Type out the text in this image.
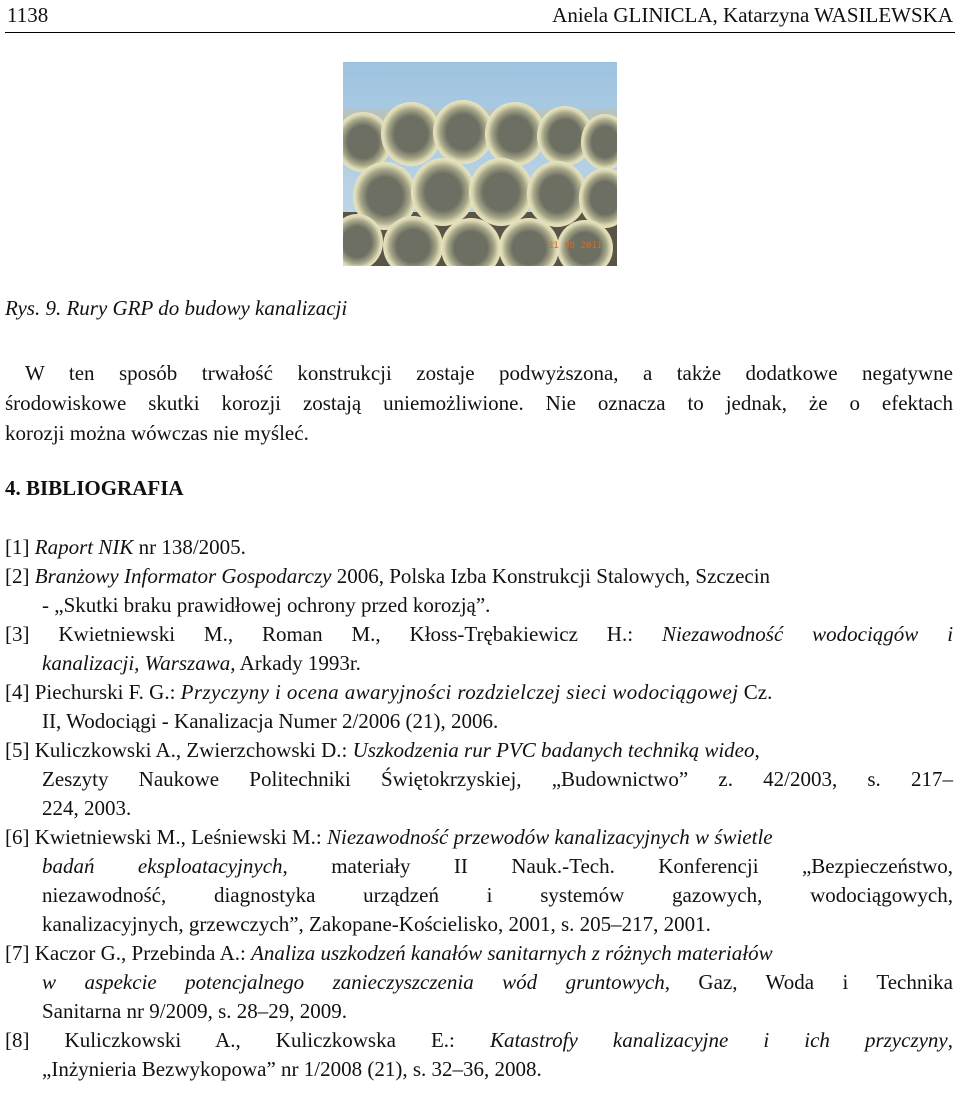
1138	Aniela GLINICLA, Katarzyna WASILEWSKA
21 08 2011
Rys. 9. Rury GRP do budowy kanalizacji
W ten sposób trwałość konstrukcji zostaje podwyższona, a także dodatkowe negatywne
środowiskowe skutki korozji zostają uniemożliwione. Nie oznacza to jednak, że o efektach
korozji można wówczas nie myśleć.
4. BIBLIOGRAFIA
[1] Raport NIK nr 138/2005.
[2] Branżowy Informator Gospodarczy 2006, Polska Izba Konstrukcji Stalowych, Szczecin
- „Skutki braku prawidłowej ochrony przed korozją”.
[3] Kwietniewski M., Roman M., Kłoss-Trębakiewicz H.: Niezawodność wodociągów i
kanalizacji, Warszawa, Arkady 1993r.
[4] Piechurski F. G.: Przyczyny i ocena awaryjności rozdzielczej sieci wodociągowej Cz.
II, Wodociągi - Kanalizacja Numer 2/2006 (21), 2006.
[5] Kuliczkowski A., Zwierzchowski D.: Uszkodzenia rur PVC badanych techniką wideo,
Zeszyty Naukowe Politechniki Świętokrzyskiej, „Budownictwo” z. 42/2003, s. 217–
224, 2003.
[6] Kwietniewski M., Leśniewski M.: Niezawodność przewodów kanalizacyjnych w świetle
badań eksploatacyjnych, materiały II Nauk.-Tech. Konferencji „Bezpieczeństwo,
niezawodność, diagnostyka urządzeń i systemów gazowych, wodociągowych,
kanalizacyjnych, grzewczych”, Zakopane-Kościelisko, 2001, s. 205–217, 2001.
[7] Kaczor G., Przebinda A.: Analiza uszkodzeń kanałów sanitarnych z różnych materiałów
w aspekcie potencjalnego zanieczyszczenia wód gruntowych, Gaz, Woda i Technika
Sanitarna nr 9/2009, s. 28–29, 2009.
[8] Kuliczkowski A., Kuliczkowska E.: Katastrofy kanalizacyjne i ich przyczyny,
„Inżynieria Bezwykopowa” nr 1/2008 (21), s. 32–36, 2008.
